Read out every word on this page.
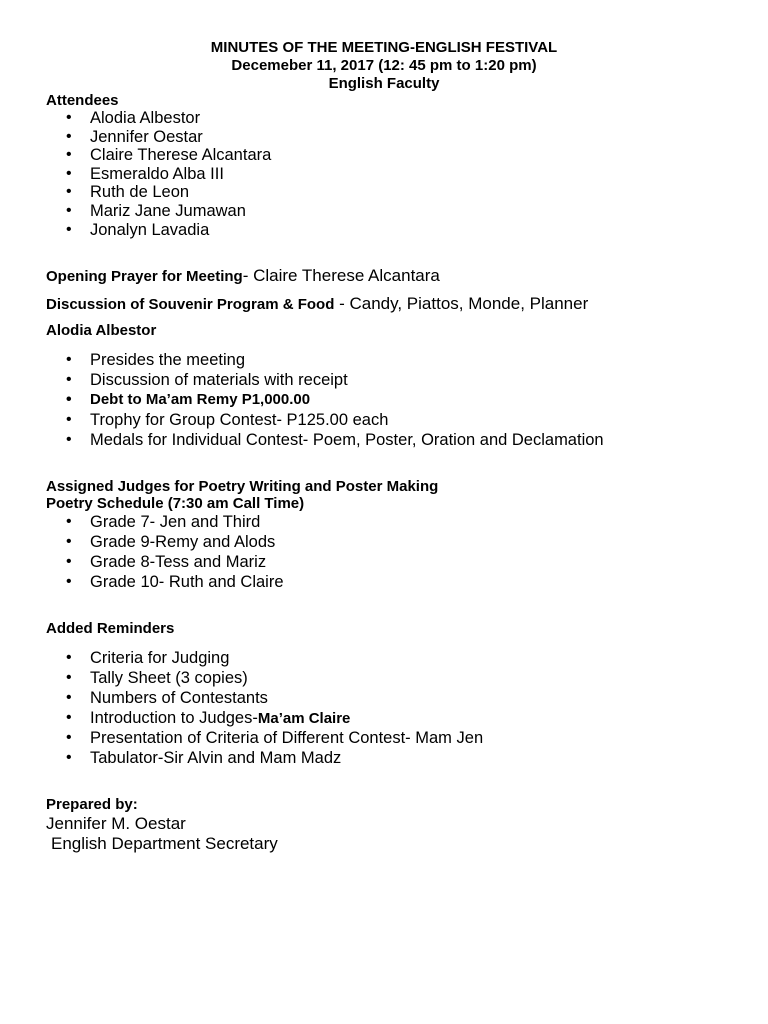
MINUTES OF THE MEETING-ENGLISH FESTIVAL
Decemeber 11, 2017 (12: 45 pm to 1:20 pm)
English Faculty
Attendees
• Alodia Albestor
• Jennifer Oestar
• Claire Therese Alcantara
• Esmeraldo Alba III
• Ruth de Leon
• Mariz Jane Jumawan
• Jonalyn Lavadia
Opening Prayer for Meeting- Claire Therese Alcantara
Discussion of Souvenir Program & Food - Candy, Piattos, Monde, Planner
Alodia Albestor
• Presides the meeting
• Discussion of materials with receipt
• Debt to Ma’am Remy P1,000.00
• Trophy for Group Contest- P125.00 each
• Medals for Individual Contest- Poem, Poster, Oration and Declamation
Assigned Judges for Poetry Writing and Poster Making
Poetry Schedule (7:30 am Call Time)
• Grade 7- Jen and Third
• Grade 9-Remy and Alods
• Grade 8-Tess and Mariz
• Grade 10- Ruth and Claire
Added Reminders
• Criteria for Judging
• Tally Sheet (3 copies)
• Numbers of Contestants
• Introduction to Judges-Ma’am Claire
• Presentation of Criteria of Different Contest- Mam Jen
• Tabulator-Sir Alvin and Mam Madz
Prepared by:
Jennifer M. Oestar
English Department Secretary
